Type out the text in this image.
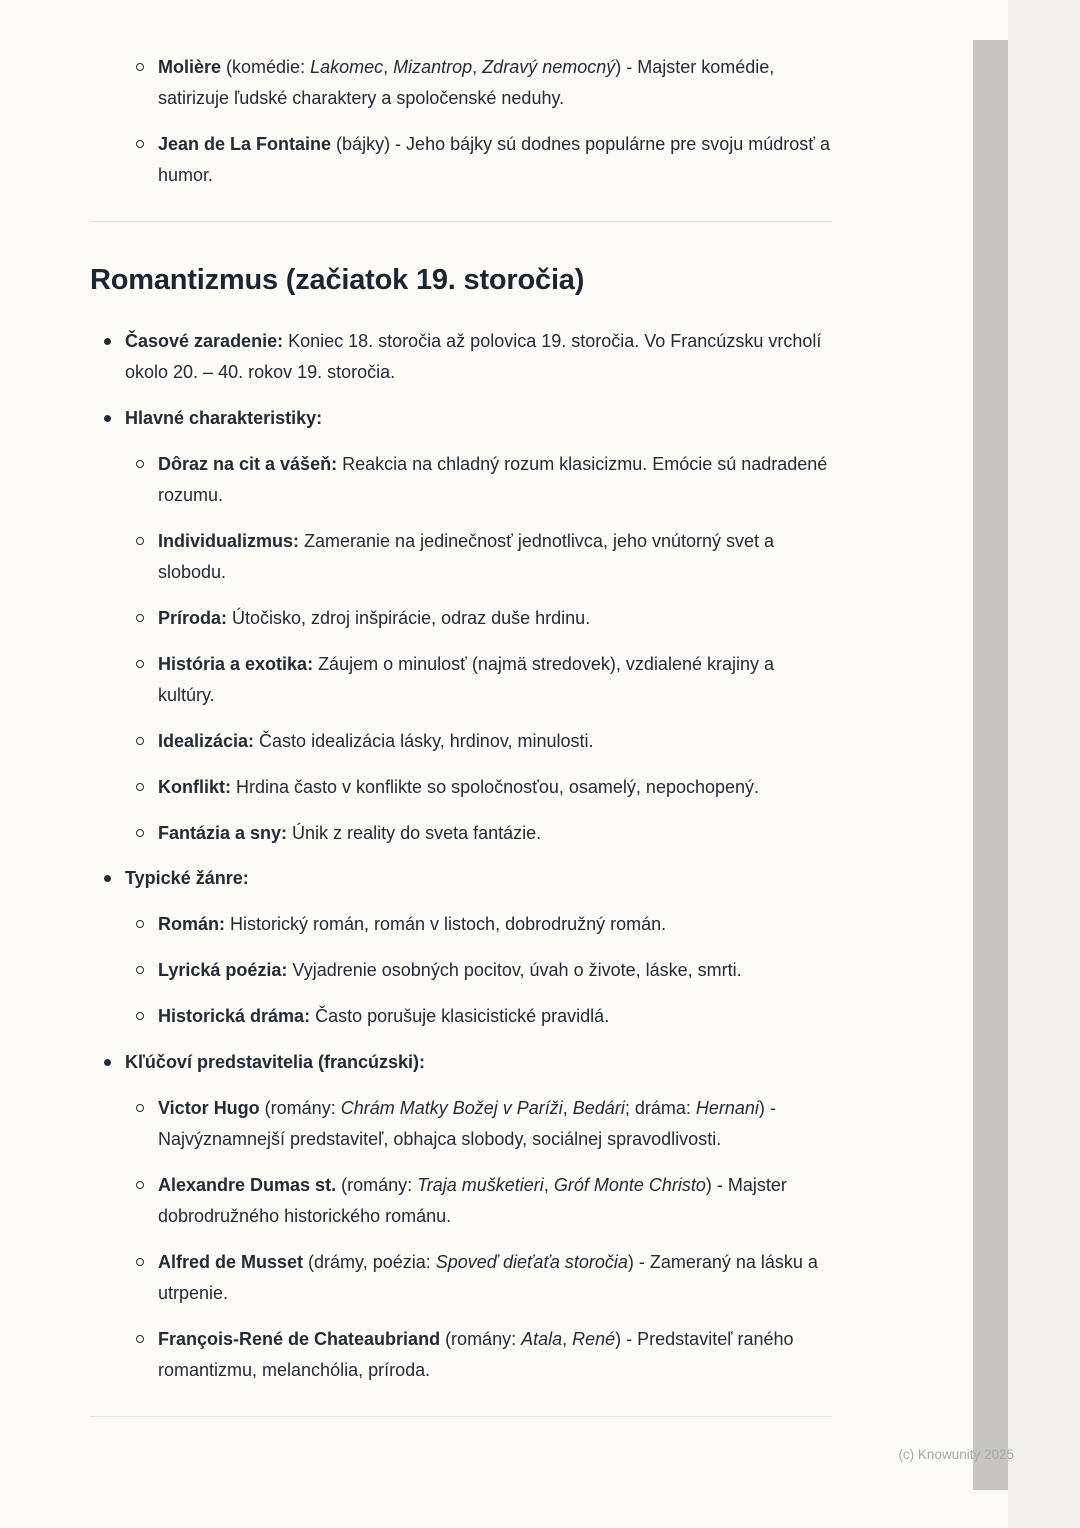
Molière (komédie: Lakomec, Mizantrop, Zdravý nemocný) - Majster komédie, satirizuje ľudské charaktery a spoločenské neduhy.
Jean de La Fontaine (bájky) - Jeho bájky sú dodnes populárne pre svoju múdrosť a humor.
Romantizmus (začiatok 19. storočia)
Časové zaradenie: Koniec 18. storočia až polovica 19. storočia. Vo Francúzsku vrcholí okolo 20. – 40. rokov 19. storočia.
Hlavné charakteristiky:
Dôraz na cit a vášeň: Reakcia na chladný rozum klasicizmu. Emócie sú nadradené rozumu.
Individualizmus: Zameranie na jedinečnosť jednotlivca, jeho vnútorný svet a slobodu.
Príroda: Útočisko, zdroj inšpirácie, odraz duše hrdinu.
História a exotika: Záujem o minulosť (najmä stredovek), vzdialené krajiny a kultúry.
Idealizácia: Často idealizácia lásky, hrdinov, minulosti.
Konflikt: Hrdina často v konflikte so spoločnosťou, osamelý, nepochopený.
Fantázia a sny: Únik z reality do sveta fantázie.
Typické žánre:
Román: Historický román, román v listoch, dobrodružný román.
Lyrická poézia: Vyjadrenie osobných pocitov, úvah o živote, láske, smrti.
Historická dráma: Často porušuje klasicistické pravidlá.
Kľúčoví predstavitelia (francúzski):
Victor Hugo (romány: Chrám Matky Božej v Paríži, Bedári; dráma: Hernani) - Najvýznamnejší predstaviteľ, obhajca slobody, sociálnej spravodlivosti.
Alexandre Dumas st. (romány: Traja mušketieri, Gróf Monte Christo) - Majster dobrodružného historického románu.
Alfred de Musset (drámy, poézia: Spoveď dieťaťa storočia) - Zameraný na lásku a utrpenie.
François-René de Chateaubriand (romány: Atala, René) - Predstaviteľ raného romantizmu, melanchólia, príroda.
(c) Knowunity 2025
